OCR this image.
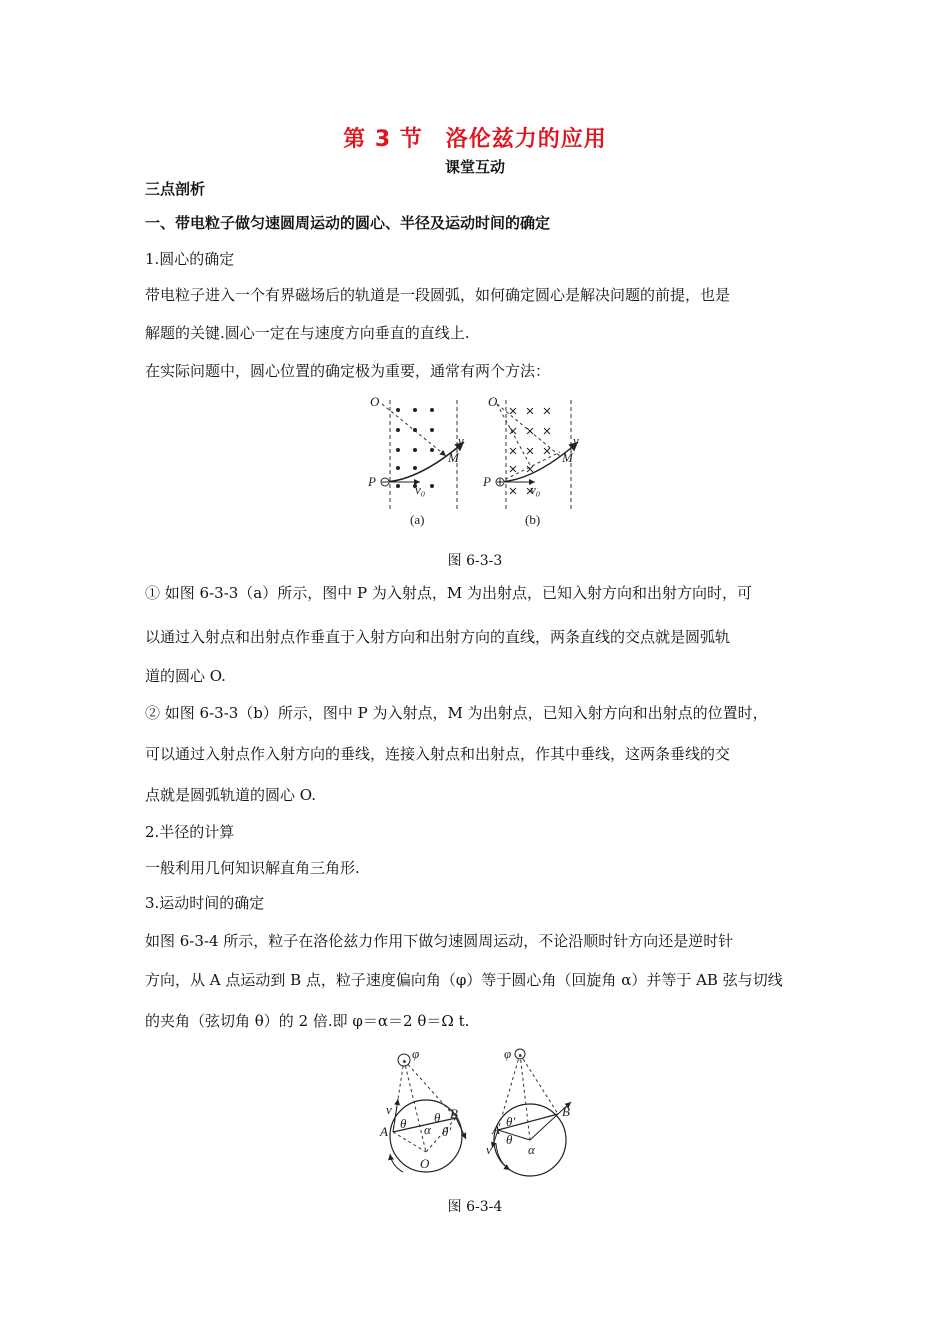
第 3 节　洛伦兹力的应用
课堂互动
三点剖析
一、带电粒子做匀速圆周运动的圆心、半径及运动时间的确定
1.圆心的确定
带电粒子进入一个有界磁场后的轨道是一段圆弧，如何确定圆心是解决问题的前提，也是
解题的关键.圆心一定在与速度方向垂直的直线上.
在实际问题中，圆心位置的确定极为重要，通常有两个方法：
O
v
M
P
v₀
(a)
O
v
M
P
v₀
(b)
图 6-3-3
① 如图 6-3-3（a）所示，图中 P 为入射点，M 为出射点，已知入射方向和出射方向时，可
以通过入射点和出射点作垂直于入射方向和出射方向的直线，两条直线的交点就是圆弧轨
道的圆心 O.
② 如图 6-3-3（b）所示，图中 P 为入射点，M 为出射点，已知入射方向和出射点的位置时，
可以通过入射点作入射方向的垂线，连接入射点和出射点，作其中垂线，这两条垂线的交
点就是圆弧轨道的圆心 O.
2.半径的计算
一般利用几何知识解直角三角形.
3.运动时间的确定
如图 6-3-4 所示，粒子在洛伦兹力作用下做匀速圆周运动，不论沿顺时针方向还是逆时针
方向，从 A 点运动到 B 点，粒子速度偏向角（φ）等于圆心角（回旋角 α）并等于 AB 弦与切线
的夹角（弦切角 θ）的 2 倍.即 φ＝α＝2 θ＝Ω t.
φ
v
A
B
O
θ θ
θ'
α
φ
A
B
θ'
θ
α
v
图 6-3-4
